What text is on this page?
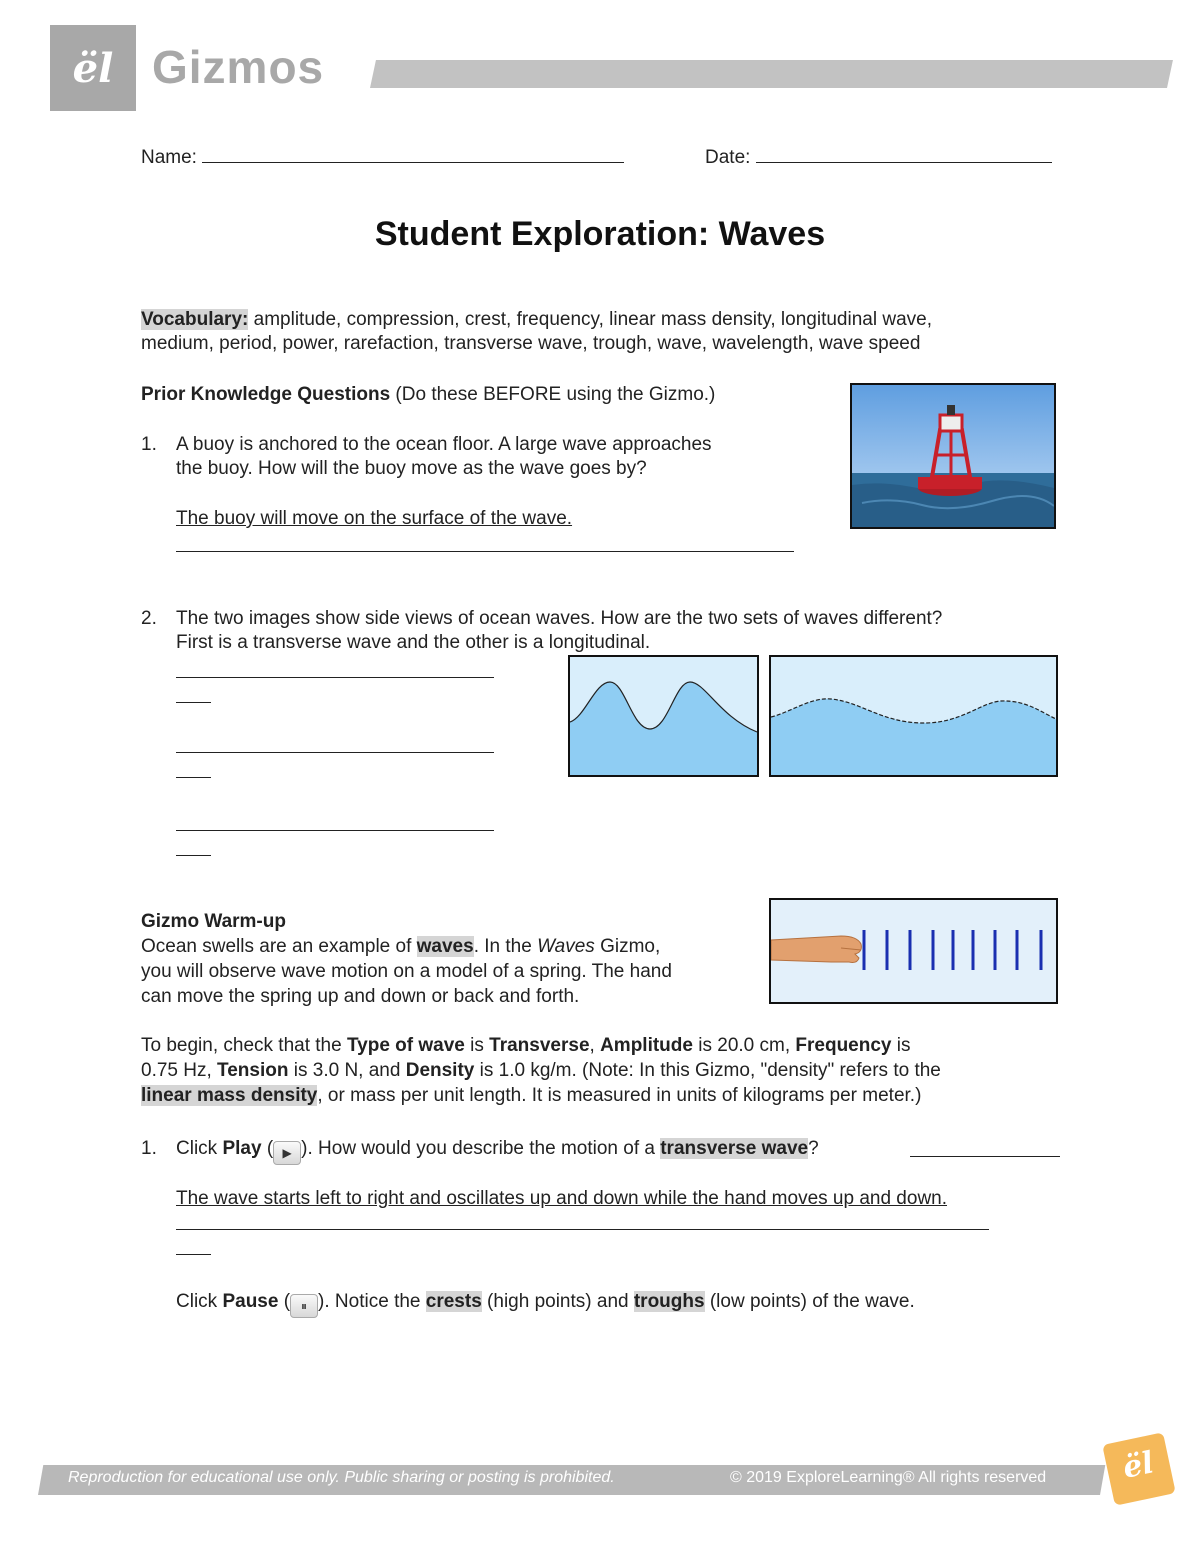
ël Gizmos
Name:	Date:
Student Exploration: Waves
Vocabulary: amplitude, compression, crest, frequency, linear mass density, longitudinal wave,
medium, period, power, rarefaction, transverse wave, trough, wave, wavelength, wave speed
Prior Knowledge Questions (Do these BEFORE using the Gizmo.)
1. A buoy is anchored to the ocean floor. A large wave approaches
the buoy. How will the buoy move as the wave goes by?
The buoy will move on the surface of the wave.
2. The two images show side views of ocean waves. How are the two sets of waves different?
First is a transverse wave and the other is a longitudinal.
Gizmo Warm-up
Ocean swells are an example of waves. In the Waves Gizmo,
you will observe wave motion on a model of a spring. The hand
can move the spring up and down or back and forth.
To begin, check that the Type of wave is Transverse, Amplitude is 20.0 cm, Frequency is
0.75 Hz, Tension is 3.0 N, and Density is 1.0 kg/m. (Note: In this Gizmo, "density" refers to the
linear mass density, or mass per unit length. It is measured in units of kilograms per meter.)
1. Click Play ( ▶ ). How would you describe the motion of a transverse wave?
The wave starts left to right and oscillates up and down while the hand moves up and down.
Click Pause ( ⏸ ). Notice the crests (high points) and troughs (low points) of the wave.
Reproduction for educational use only. Public sharing or posting is prohibited.	© 2019 ExploreLearning® All rights reserved	ël
